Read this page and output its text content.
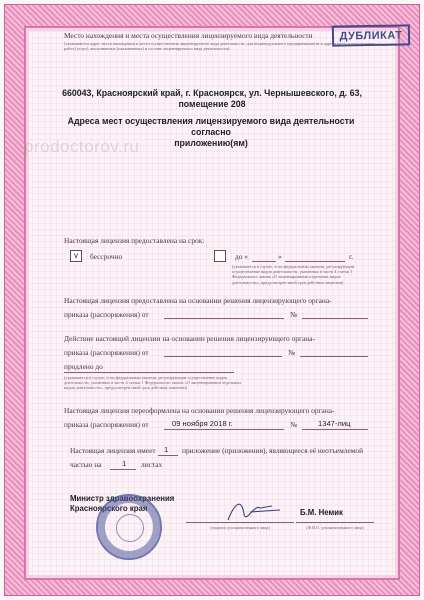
ДУБЛИКАТ
Место нахождения и места осуществления лицензируемого вида деятельности
(указываются адрес места нахождения и места осуществления лицензируемого вида деятельности, для индивидуального предпринимателя и адреса мест осуществления работ (услуг), выполняемых (оказываемых) в составе лицензируемого вида деятельности)
660043, Красноярский край, г. Красноярск, ул. Чернышевского, д. 63,
помещение 208
Адреса мест осуществления лицензируемого вида деятельности согласно
приложению(ям)
prodoctorov.ru
Настоящая лицензия предоставлена на срок:
v	бессрочно	до «	»	г.
(указывается в случае, если федеральным законом, регулирующим осуществление видов деятельности, указанных в части 4 статьи 1 Федерального закона «О лицензировании отдельных видов деятельности», предусмотрен иной срок действия лицензии)
Настоящая лицензия предоставлена на основании решения лицензирующего органа-
приказа (распоряжения) от	№
Действие настоящей лицензии на основании решения лицензирующего органа-
приказа (распоряжения) от	№
продлено до
(указывается в случае, если федеральным законом, регулирующим осуществление видов деятельности, указанных в части 4 статьи 1 Федерального закона «О лицензировании отдельных видов деятельности», предусмотрен иной срок действия лицензии)
Настоящая лицензия переоформлена на основании решения лицензирующего органа-
приказа (распоряжения) от	09 ноября 2018 г.	№	1347-лиц
Настоящая лицензия имеет 1 приложение (приложения), являющееся её неотъемлемой
частью на	1 листах
Министр здравоохранения
Красноярского края
(подпись уполномоченного лица)
Б.М. Немик
(Ф.И.О. уполномоченного лица)
